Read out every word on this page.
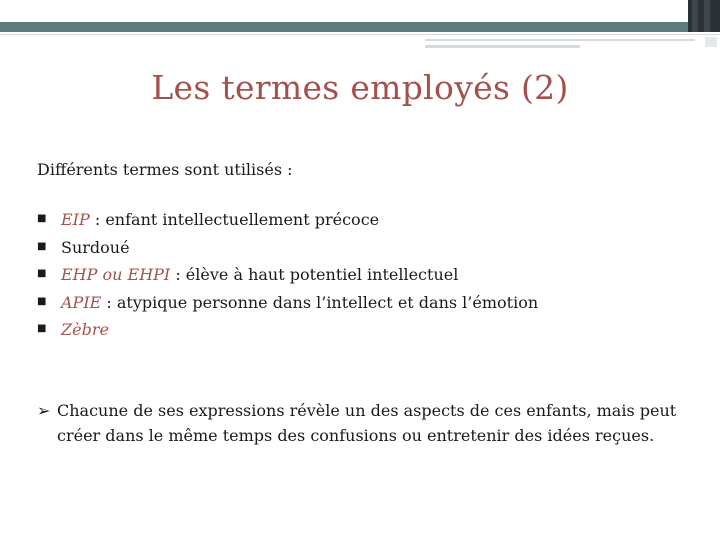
Les termes employés (2)
Différents termes sont utilisés :
■ EIP : enfant intellectuellement précoce
■ Surdoué
■ EHP ou EHPI : élève à haut potentiel intellectuel
■ APIE : atypique personne dans l’intellect et dans l’émotion
■ Zèbre
➢ Chacune de ses expressions révèle un des aspects de ces enfants, mais peut créer dans le même temps des confusions ou entretenir des idées reçues.
